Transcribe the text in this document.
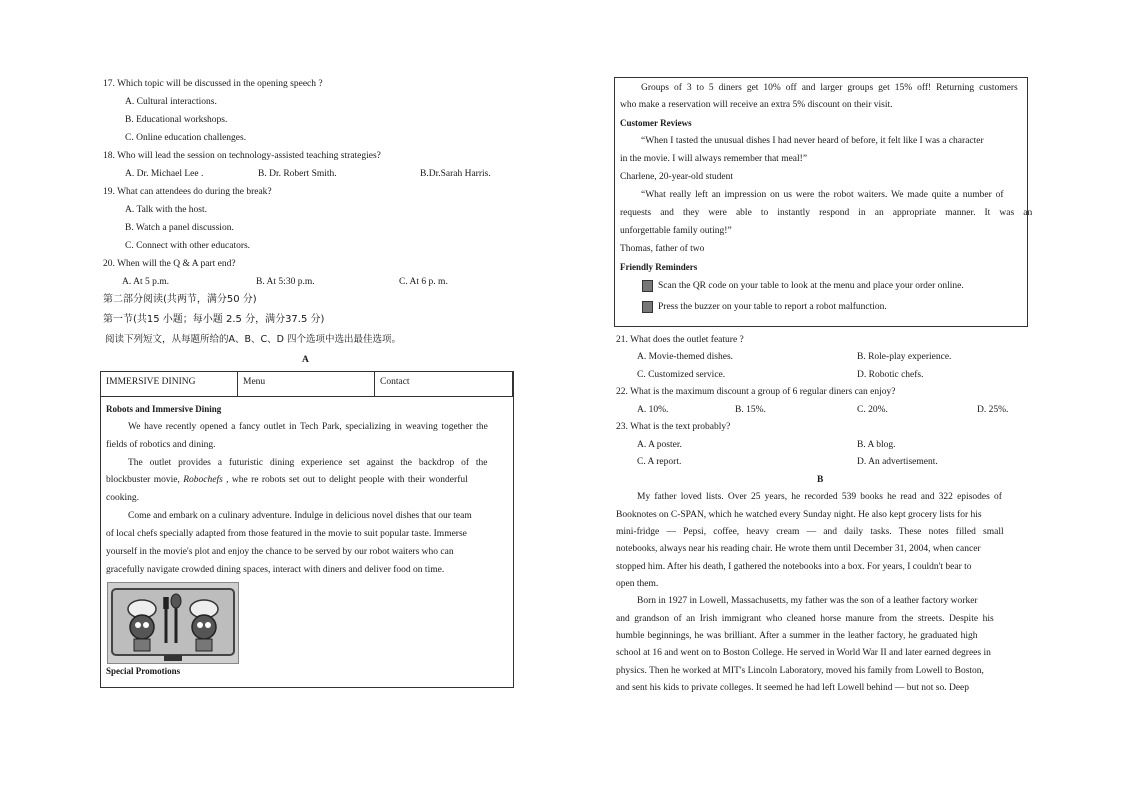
17. Which topic will be discussed in the opening speech ?
A. Cultural interactions.
B. Educational workshops.
C. Online education challenges.
18. Who will lead the session on technology-assisted teaching strategies?
A. Dr. Michael Lee .	B. Dr. Robert Smith.	B.Dr.Sarah Harris.
19. What can attendees do during the break?
A. Talk with the host.
B. Watch a panel discussion.
C. Connect with other educators.
20. When will the Q & A part end?
A. At 5 p.m.	B. At 5:30 p.m.	C. At 6 p. m.
第二部分阅读(共两节，满分50 分)
第一节(共15 小题；每小题 2.5 分，满分37.5 分)
阅读下列短文，从每题所给的A、B、C、D 四个选项中选出最佳选项。
A
IMMERSIVE DINING	Menu	Contact
Robots and Immersive Dining
We have recently opened a fancy outlet in Tech Park, specializing in weaving together the
fields of robotics and dining.
The outlet provides a futuristic dining experience set against the backdrop of the
blockbuster movie, Robochefs , whe re robots set out to delight people with their wonderful
cooking.
Come and embark on a culinary adventure. Indulge in delicious novel dishes that our team
of local chefs specially adapted from those featured in the movie to suit popular taste. Immerse
yourself in the movie's plot and enjoy the chance to be served by our robot waiters who can
gracefully navigate crowded dining spaces, interact with diners and deliver food on time.
Special Promotions
Groups of 3 to 5 diners get 10% off and larger groups get 15% off! Returning customers
who make a reservation will receive an extra 5% discount on their visit.
Customer Reviews
“When I tasted the unusual dishes I had never heard of before, it felt like I was a character
in the movie. I will always remember that meal!”
Charlene, 20-year-old student
“What really left an impression on us were the robot waiters. We made quite a number of
requests and they were able to instantly respond in an appropriate manner. It was an
unforgettable family outing!”
Thomas, father of two
Friendly Reminders
Scan the QR code on your table to look at the menu and place your order online.
Press the buzzer on your table to report a robot malfunction.
21. What does the outlet feature ?
A. Movie-themed dishes.	B. Role-play experience.
C. Customized service.	D. Robotic chefs.
22. What is the maximum discount a group of 6 regular diners can enjoy?
A. 10%.	B. 15%.	C. 20%.	D. 25%.
23. What is the text probably?
A. A poster.	B. A blog.
C. A report.	D. An advertisement.
B
My father loved lists. Over 25 years, he recorded 539 books he read and 322 episodes of
Booknotes on C-SPAN, which he watched every Sunday night. He also kept grocery lists for his
mini-fridge — Pepsi, coffee, heavy cream — and daily tasks. These notes filled small
notebooks, always near his reading chair. He wrote them until December 31, 2004, when cancer
stopped him. After his death, I gathered the notebooks into a box. For years, I couldn't bear to
open them.
Born in 1927 in Lowell, Massachusetts, my father was the son of a leather factory worker
and grandson of an Irish immigrant who cleaned horse manure from the streets. Despite his
humble beginnings, he was brilliant. After a summer in the leather factory, he graduated high
school at 16 and went on to Boston College. He served in World War II and later earned degrees in
physics. Then he worked at MIT's Lincoln Laboratory, moved his family from Lowell to Boston,
and sent his kids to private colleges. It seemed he had left Lowell behind — but not so. Deep
